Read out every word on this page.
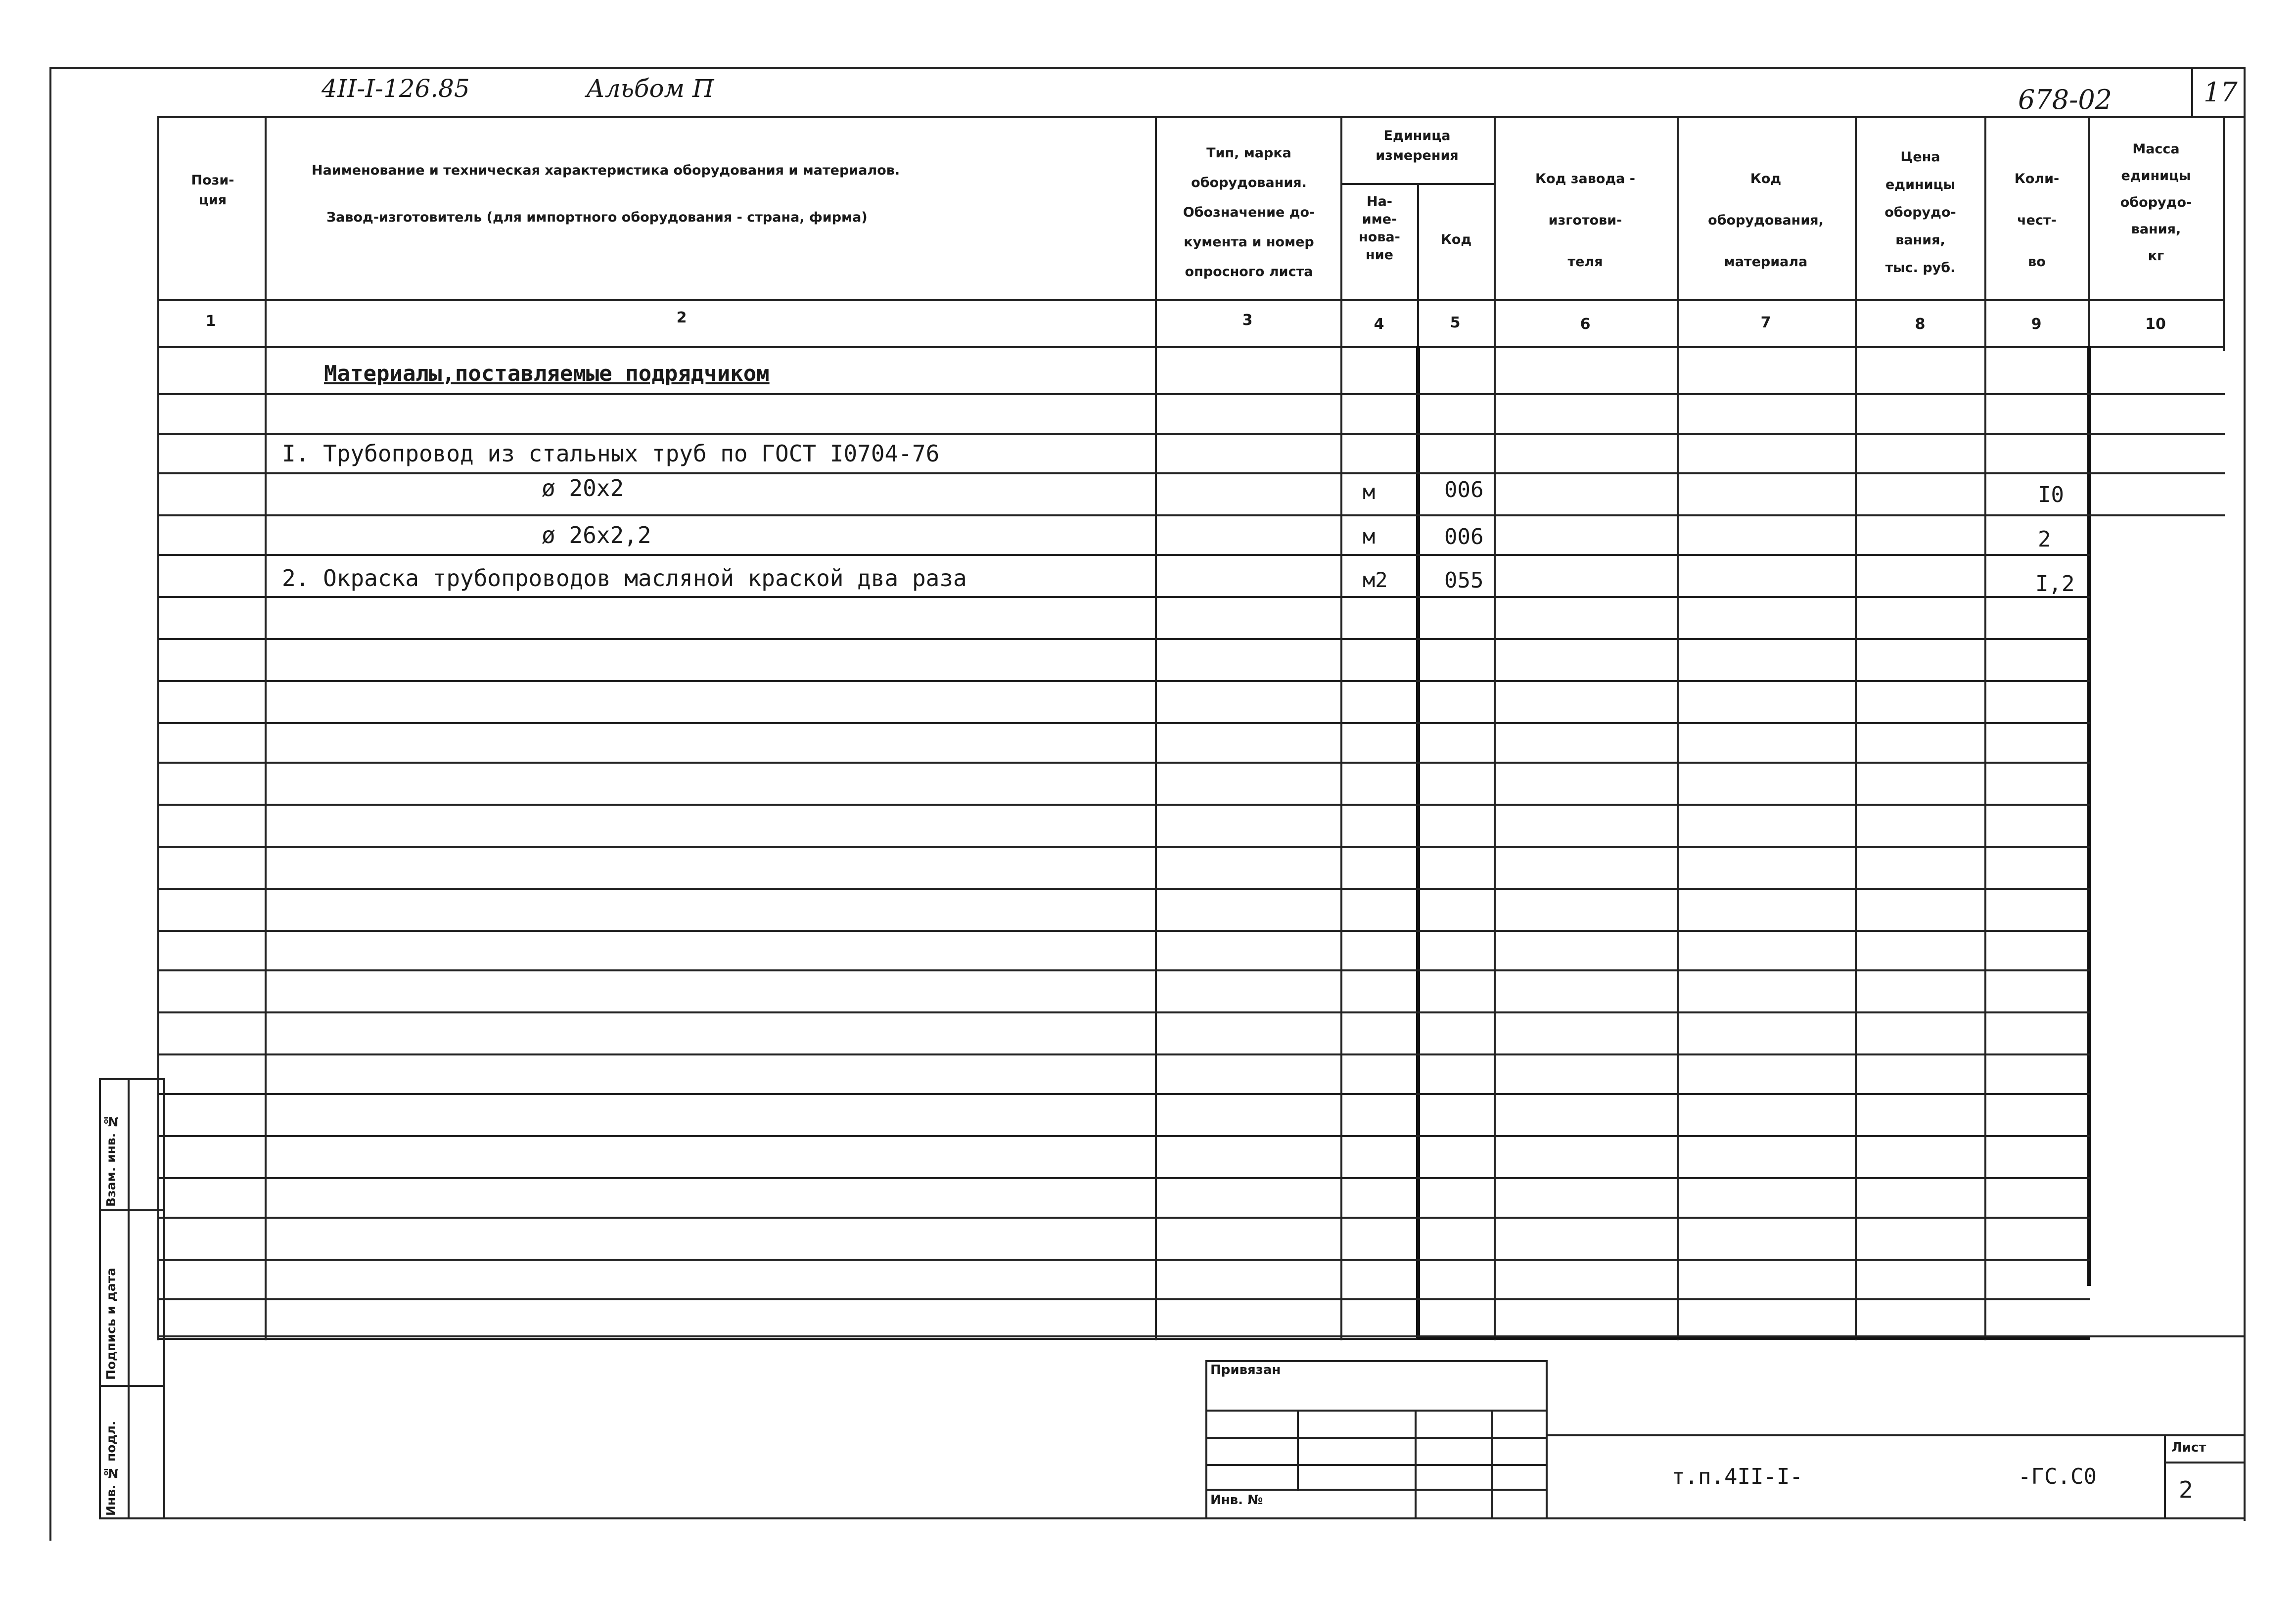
4II-I-126.85	Альбом П	678-02	17
Пози-
ция
Наименование и техническая характеристика оборудования и материалов.
Завод-изготовитель (для импортного оборудования - страна, фирма)
Тип, марка
оборудования.
Обозначение до-
кумента и номер
опросного листа
Единица
измерения
На-
име-
нова-
ние
Код
Код завода -
изготови-
теля
Код
оборудования,
материала
Цена
единицы
оборудо-
вания,
тыс. руб.
Коли-
чест-
во
Масса
единицы
оборудо-
вания,
кг
1	2	3	4	5	6	7	8	9	10
Материалы,поставляемые подрядчиком
I. Трубопровод из стальных труб по ГОСТ I0704-76
ø 20х2	м	006	I0
ø 26х2,2	м	006	2
2. Окраска трубопроводов масляной краской два раза	м2	055	I,2
Взам. инв. №
Подпись и дата
Инв. № подл.
Привязан
Инв. №
т.п.4II-I-	-ГС.С0
Лист
2
